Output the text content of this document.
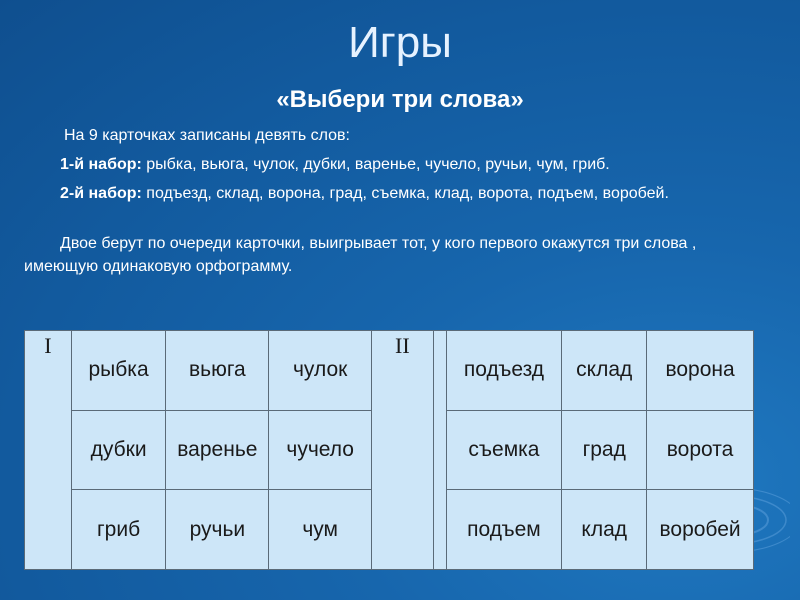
Игры
«Выбери три слова»
На 9 карточках записаны девять слов:
1-й набор: рыбка, вьюга, чулок, дубки, варенье, чучело, ручьи, чум, гриб.
2-й набор: подъезд, склад, ворона, град, съемка, клад, ворота, подъем, воробей.
Двое берут по очереди карточки, выигрывает тот, у кого первого окажутся три слова , имеющую одинаковую орфограмму.
I	рыбка	вьюга	чулок	II		подъезд	склад	ворона
	дубки	варенье	чучело			съемка	град	ворота
	гриб	ручьи	чум			подъем	клад	воробей
